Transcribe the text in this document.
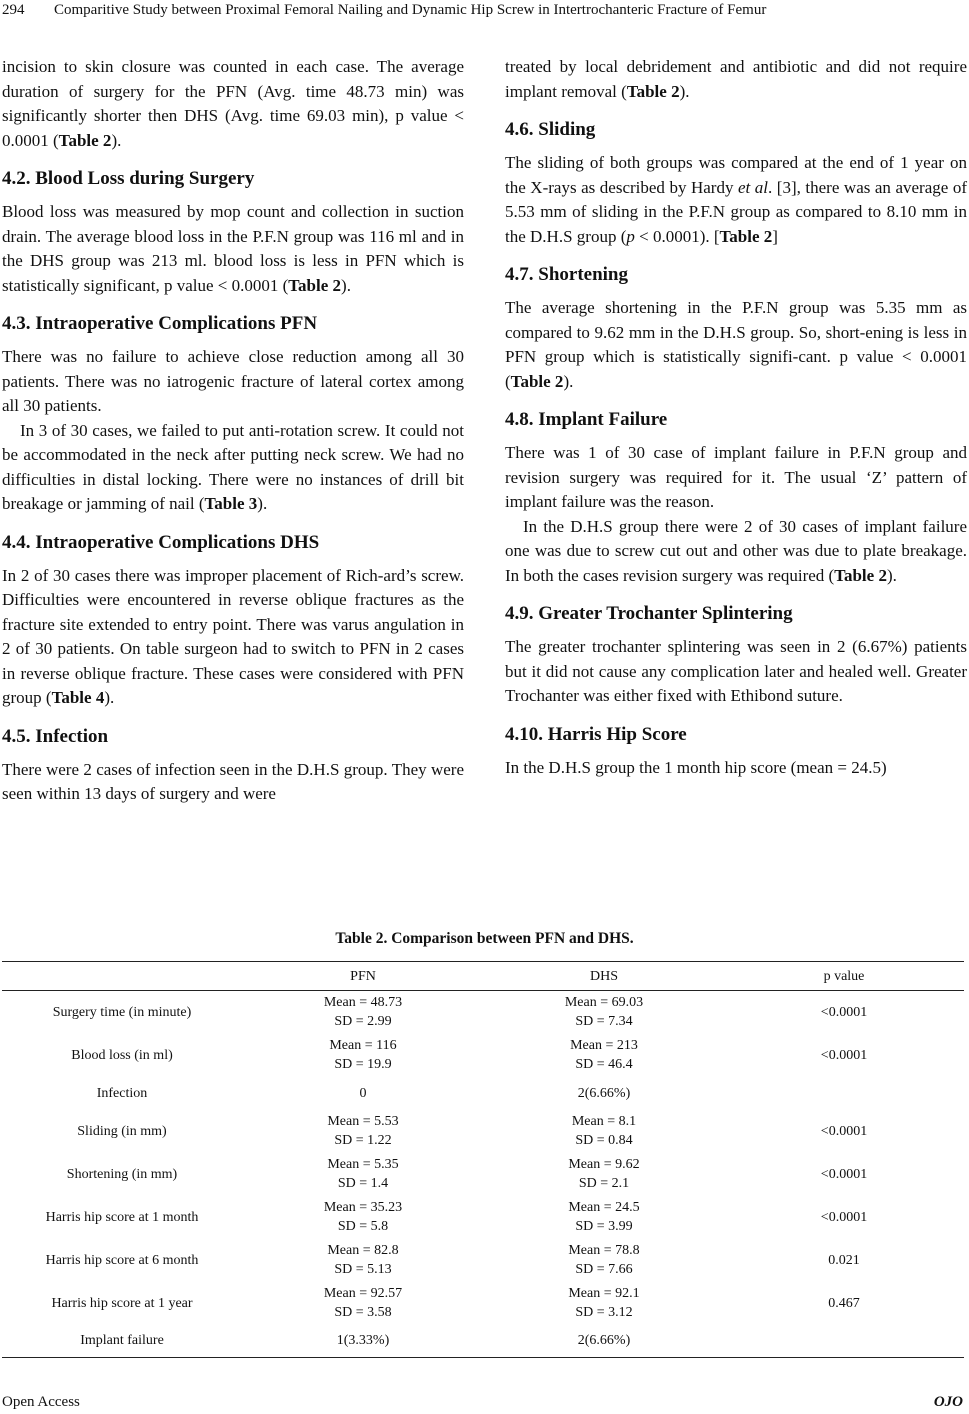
294 Comparitive Study between Proximal Femoral Nailing and Dynamic Hip Screw in Intertrochanteric Fracture of Femur

incision to skin closure was counted in each case. The average duration of surgery for the PFN (Avg. time 48.73 min) was significantly shorter then DHS (Avg. time 69.03 min), p value < 0.0001 (Table 2).

4.2. Blood Loss during Surgery

Blood loss was measured by mop count and collection in suction drain. The average blood loss in the P.F.N group was 116 ml and in the DHS group was 213 ml. blood loss is less in PFN which is statistically significant, p value < 0.0001 (Table 2).

4.3. Intraoperative Complications PFN

There was no failure to achieve close reduction among all 30 patients. There was no iatrogenic fracture of lateral cortex among all 30 patients.

In 3 of 30 cases, we failed to put anti-rotation screw. It could not be accommodated in the neck after putting neck screw. We had no difficulties in distal locking. There were no instances of drill bit breakage or jamming of nail (Table 3).

4.4. Intraoperative Complications DHS

In 2 of 30 cases there was improper placement of Rich-ard’s screw. Difficulties were encountered in reverse oblique fractures as the fracture site extended to entry point. There was varus angulation in 2 of 30 patients. On table surgeon had to switch to PFN in 2 cases in reverse oblique fracture. These cases were considered with PFN group (Table 4).

4.5. Infection

There were 2 cases of infection seen in the D.H.S group. They were seen within 13 days of surgery and were

treated by local debridement and antibiotic and did not require implant removal (Table 2).

4.6. Sliding

The sliding of both groups was compared at the end of 1 year on the X-rays as described by Hardy et al. [3], there was an average of 5.53 mm of sliding in the P.F.N group as compared to 8.10 mm in the D.H.S group (p < 0.0001). [Table 2]

4.7. Shortening

The average shortening in the P.F.N group was 5.35 mm as compared to 9.62 mm in the D.H.S group. So, short-ening is less in PFN group which is statistically signifi-cant. p value < 0.0001 (Table 2).

4.8. Implant Failure

There was 1 of 30 case of implant failure in P.F.N group and revision surgery was required for it. The usual ‘Z’ pattern of implant failure was the reason.

In the D.H.S group there were 2 of 30 cases of implant failure one was due to screw cut out and other was due to plate breakage. In both the cases revision surgery was required (Table 2).

4.9. Greater Trochanter Splintering

The greater trochanter splintering was seen in 2 (6.67%) patients but it did not cause any complication later and healed well. Greater Trochanter was either fixed with Ethibond suture.

4.10. Harris Hip Score

In the D.H.S group the 1 month hip score (mean = 24.5)

Table 2. Comparison between PFN and DHS.
	PFN	DHS	p value
Surgery time (in minute)	Mean = 48.73
SD = 2.99	Mean = 69.03
SD = 7.34	<0.0001
Blood loss (in ml)	Mean = 116
SD = 19.9	Mean = 213
SD = 46.4	<0.0001
Infection	0	2(6.66%)	

Sliding (in mm)	Mean = 5.53
SD = 1.22	Mean = 8.1
SD = 0.84	<0.0001
Shortening (in mm)	Mean = 5.35
SD = 1.4	Mean = 9.62
SD = 2.1	<0.0001
Harris hip score at 1 month	Mean = 35.23
SD = 5.8	Mean = 24.5
SD = 3.99	<0.0001
Harris hip score at 6 month	Mean = 82.8
SD = 5.13	Mean = 78.8
SD = 7.66	0.021
Harris hip score at 1 year	Mean = 92.57
SD = 3.58	Mean = 92.1
SD = 3.12	0.467
Implant failure	1(3.33%)	2(6.66%)	

Open Access	OJO
